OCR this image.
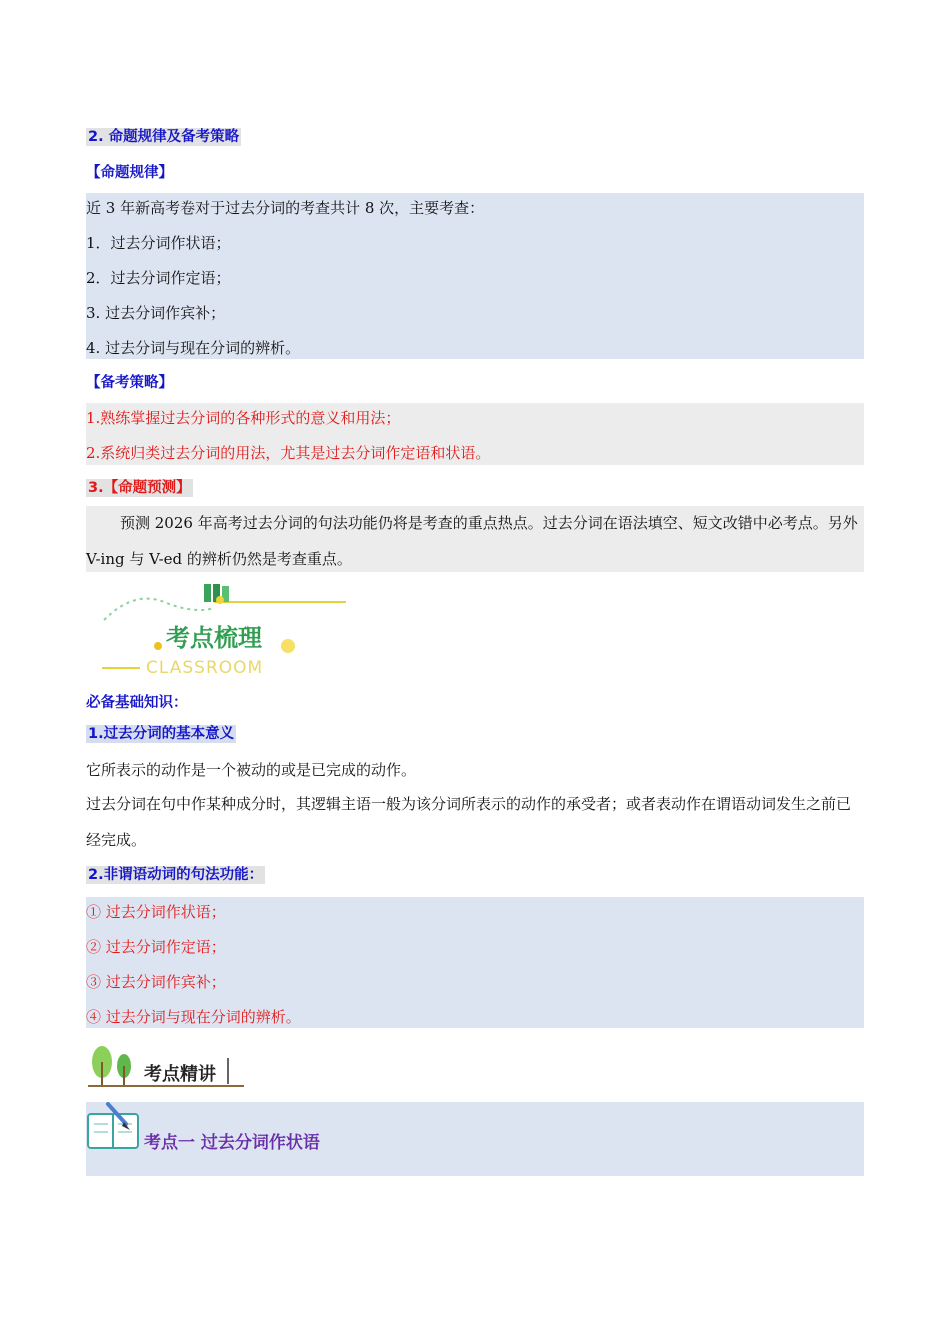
2. 命题规律及备考策略
【命题规律】
近 3 年新高考卷对于过去分词的考查共计 8 次，主要考查：
1．过去分词作状语；
2．过去分词作定语；
3. 过去分词作宾补；
4. 过去分词与现在分词的辨析。
【备考策略】
1.熟练掌握过去分词的各种形式的意义和用法；
2.系统归类过去分词的用法，尤其是过去分词作定语和状语。
3.【命题预测】
预测 2026 年高考过去分词的句法功能仍将是考查的重点热点。过去分词在语法填空、短文改错中必考点。另外 V-ing 与 V-ed 的辨析仍然是考查重点。
考点梳理
CLASSROOM
必备基础知识：
1.过去分词的基本意义
它所表示的动作是一个被动的或是已完成的动作。
过去分词在句中作某种成分时，其逻辑主语一般为该分词所表示的动作的承受者；或者表动作在谓语动词发生之前已经完成。
2.非谓语动词的句法功能：
① 过去分词作状语；
② 过去分词作定语；
③ 过去分词作宾补；
④ 过去分词与现在分词的辨析。
考点精讲
考点一 过去分词作状语
